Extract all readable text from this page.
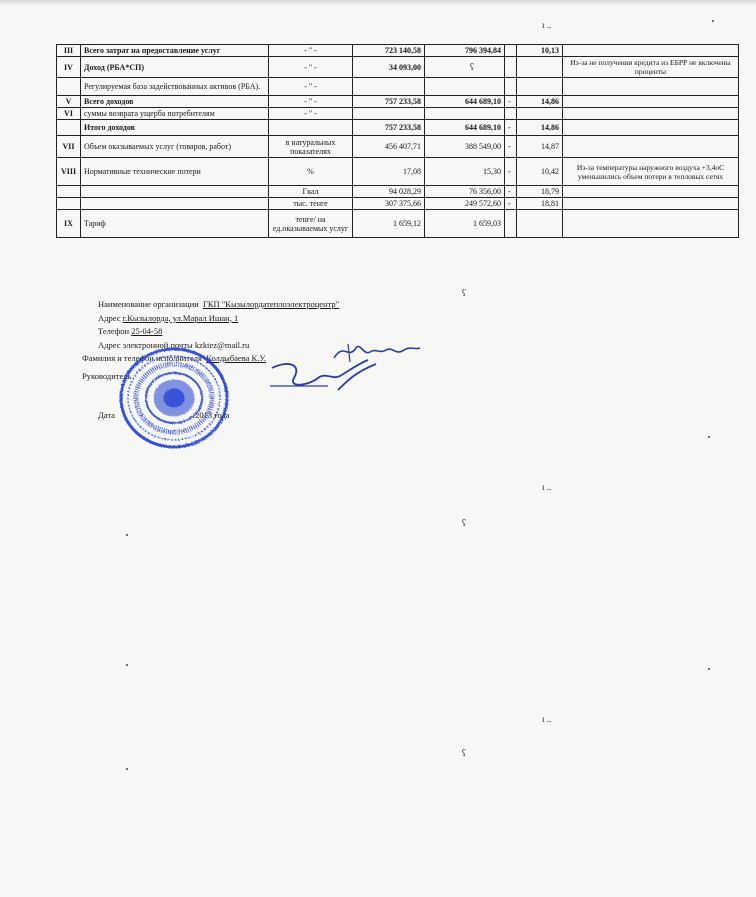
III	Всего затрат на предоставление услуг	- " -	723 140,58	796 394,84		10,13	
IV	Доход (РБА*СП)	- " -	34 093,00				Из-за не получения кредита из ЕБРР не включены проценты
	Регулируемая база задействованных активов (РБА).	- " -					
V	Всего доходов	- " -	757 233,58	644 689,10	-	14,86	
VI	суммы возврата ущерба потребителям	- " -					
	Итого доходов		757 233,58	644 689,10	-	14,86	
VII	Объем оказываемых услуг (товаров, работ)	в натуральных показателях	456 407,71	388 549,00	-	14,87	
VIII	Нормативные технические потери	%	17,08	15,30	-	10,42	Из-за температуры наружного воздуха +3,4оС уменьшились объем потери в тепловых сетях
		Гкал	94 028,29	76 356,00	-	18,79	
		тыс. тенге	307 375,66	249 572,60	-	18,81	
IX	Тариф	тенге/ на ед.оказываемых услуг	1 659,12	1 659,03			
Наименование организации ГКП "Кызылордатеплоэлектроцентр"
Адрес г.Кызылорда, ул.Марал Ишан, 1
Телефон 25-04-58
Адрес электронной почты kzktez@mail.ru
Фамилия и телефон исполнителя Колдыбаева К.У.
Руководитель
Дата	2013 года
ı ..
ʕ
ʕ
ı ..
ʕ
ı ..
ʕ
